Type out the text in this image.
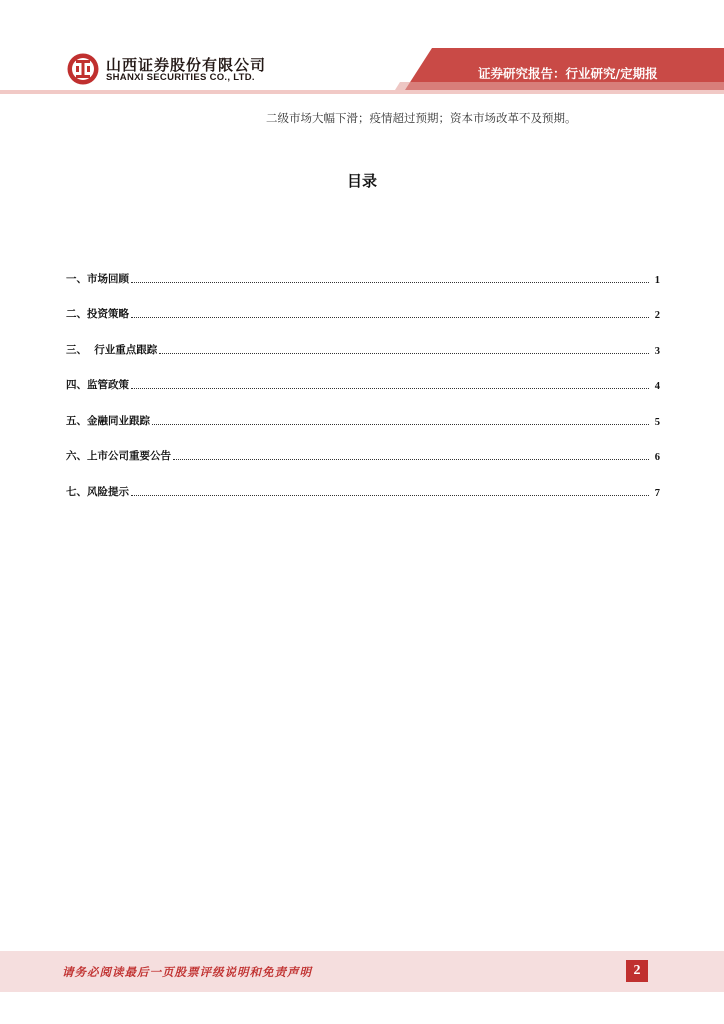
山西证券股份有限公司
SHANXI SECURITIES CO., LTD.	证券研究报告：行业研究/定期报
二级市场大幅下滑；疫情超过预期；资本市场改革不及预期。
目录
一、市场回顾	1
二、投资策略	2
三、  行业重点跟踪	3
四、监管政策	4
五、金融同业跟踪	5
六、上市公司重要公告	6
七、风险提示	7
请务必阅读最后一页股票评级说明和免责声明	2
